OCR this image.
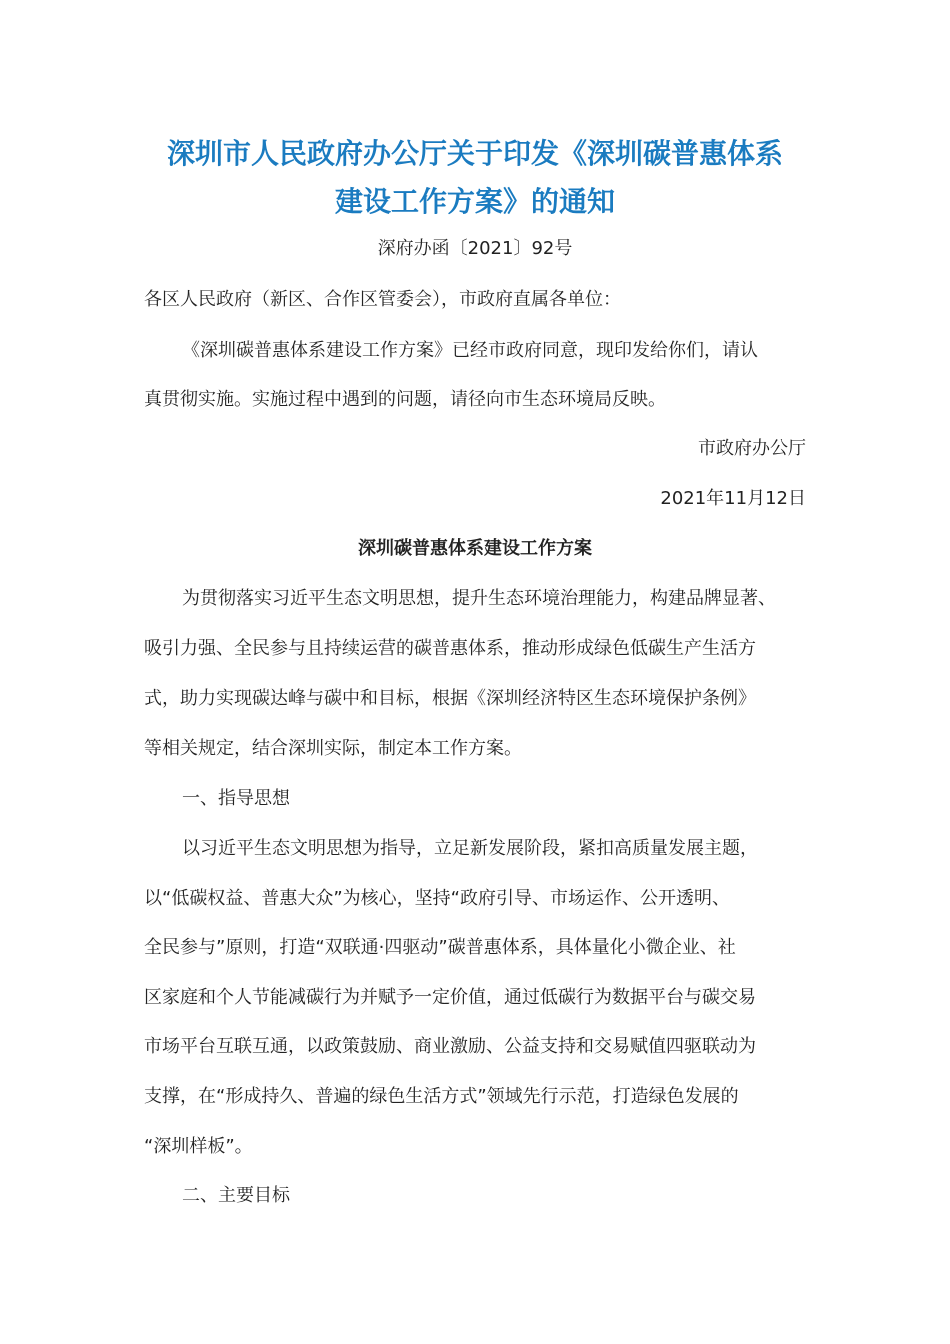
深圳市人民政府办公厅关于印发《深圳碳普惠体系
建设工作方案》的通知
深府办函〔2021〕92号
各区人民政府（新区、合作区管委会），市政府直属各单位：
《深圳碳普惠体系建设工作方案》已经市政府同意，现印发给你们，请认
真贯彻实施。实施过程中遇到的问题，请径向市生态环境局反映。
市政府办公厅
2021年11月12日
深圳碳普惠体系建设工作方案
为贯彻落实习近平生态文明思想，提升生态环境治理能力，构建品牌显著、
吸引力强、全民参与且持续运营的碳普惠体系，推动形成绿色低碳生产生活方
式，助力实现碳达峰与碳中和目标，根据《深圳经济特区生态环境保护条例》
等相关规定，结合深圳实际，制定本工作方案。
一、指导思想
以习近平生态文明思想为指导，立足新发展阶段，紧扣高质量发展主题，
以“低碳权益、普惠大众”为核心，坚持“政府引导、市场运作、公开透明、
全民参与”原则，打造“双联通·四驱动”碳普惠体系，具体量化小微企业、社
区家庭和个人节能减碳行为并赋予一定价值，通过低碳行为数据平台与碳交易
市场平台互联互通，以政策鼓励、商业激励、公益支持和交易赋值四驱联动为
支撑，在“形成持久、普遍的绿色生活方式”领域先行示范，打造绿色发展的
“深圳样板”。
二、主要目标
